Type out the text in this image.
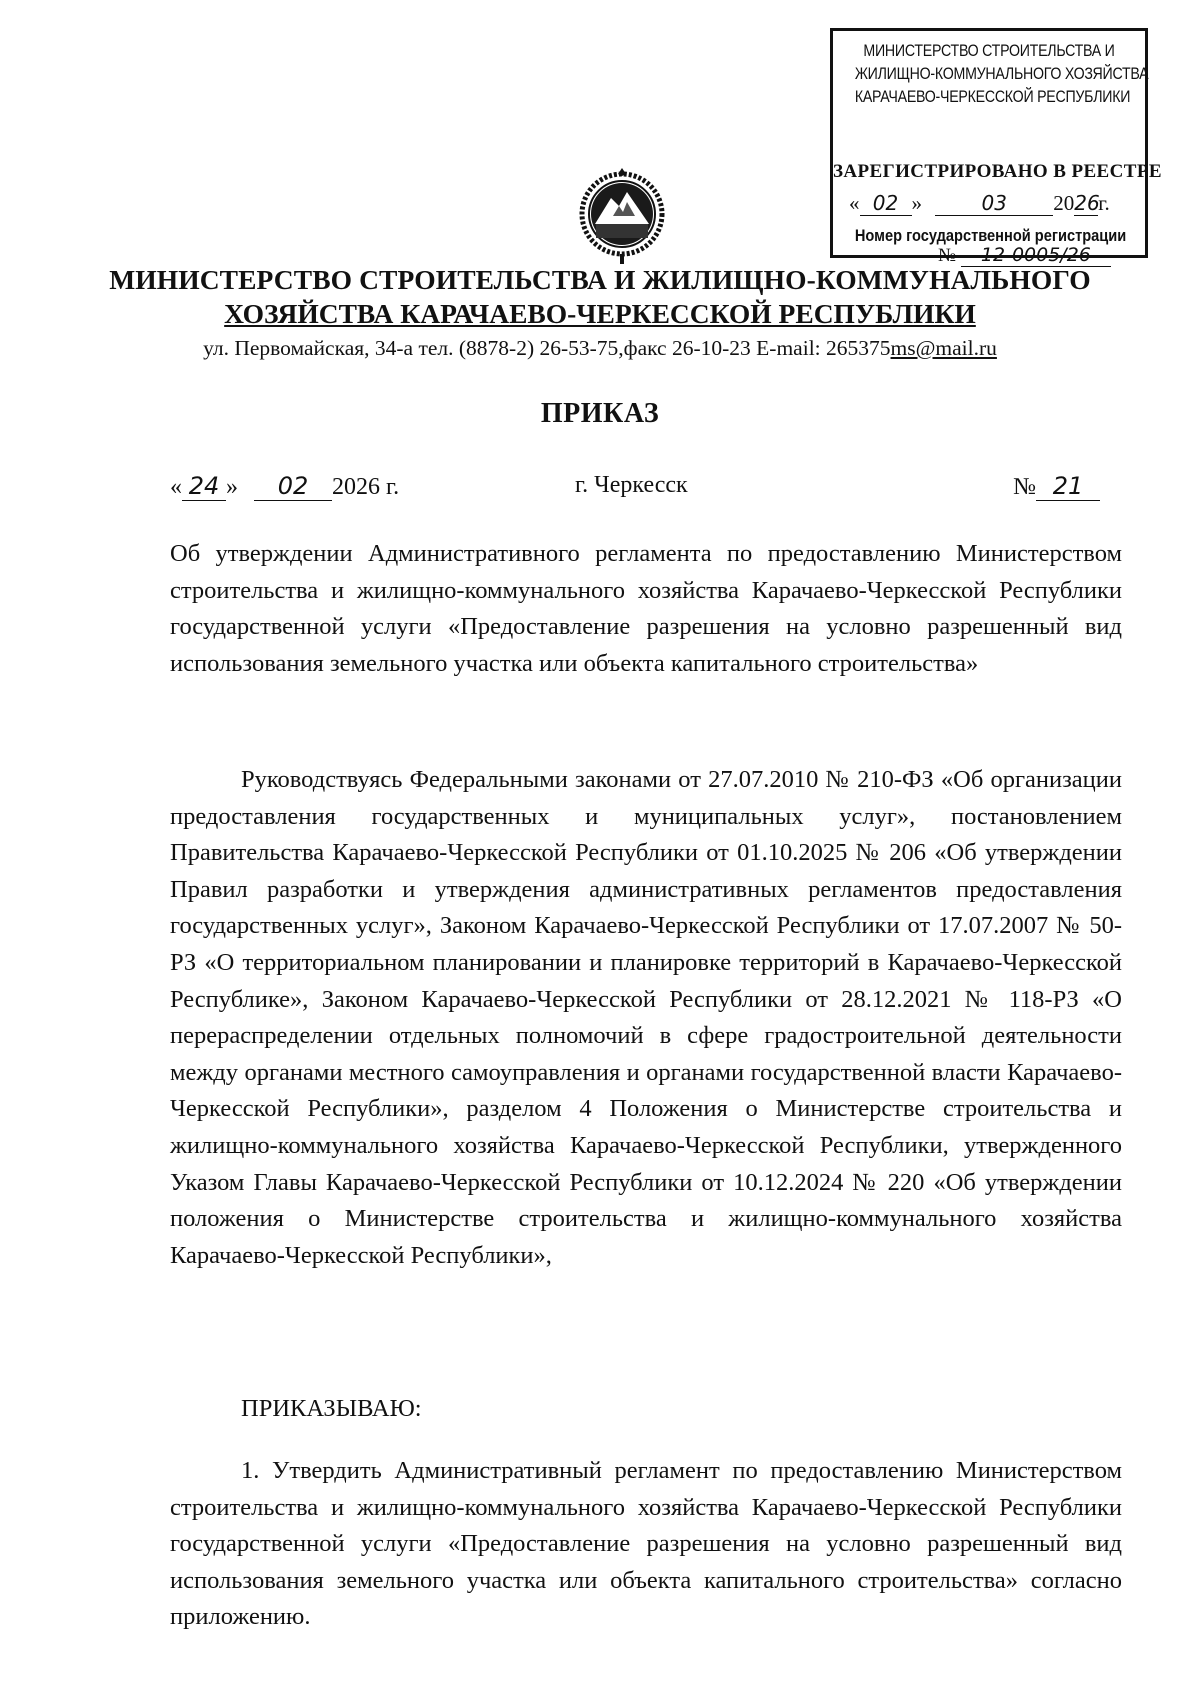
МИНИСТЕРСТВО СТРОИТЕЛЬСТВА И
ЖИЛИЩНО-КОММУНАЛЬНОГО ХОЗЯЙСТВА
КАРАЧАЕВО-ЧЕРКЕССКОЙ РЕСПУБЛИКИ
ЗАРЕГИСТРИРОВАНО В РЕЕСТРЕ
« 02 »	03 2026г.
Номер государственной регистрации
№ 12-0005/26
МИНИСТЕРСТВО СТРОИТЕЛЬСТВА И ЖИЛИЩНО-КОММУНАЛЬНОГО
ХОЗЯЙСТВА КАРАЧАЕВО-ЧЕРКЕССКОЙ РЕСПУБЛИКИ
ул. Первомайская, 34-а тел. (8878-2) 26-53-75,факс 26-10-23 E-mail: 265375ms@mail.ru
ПРИКАЗ
« 24 » 02 2026 г.	г. Черкесск	№ 21
Об утверждении Административного регламента по предоставлению Министерством строительства и жилищно-коммунального хозяйства Карачаево-Черкесской Республики государственной услуги «Предоставление разрешения на условно разрешенный вид использования земельного участка или объекта капитального строительства»
Руководствуясь Федеральными законами от 27.07.2010 № 210-ФЗ «Об организации предоставления государственных и муниципальных услуг», постановлением Правительства Карачаево-Черкесской Республики от 01.10.2025 № 206 «Об утверждении Правил разработки и утверждения административных регламентов предоставления государственных услуг», Законом Карачаево-Черкесской Республики от 17.07.2007 № 50-РЗ «О территориальном планировании и планировке территорий в Карачаево-Черкесской Республике», Законом Карачаево-Черкесской Республики от 28.12.2021 № 118-РЗ «О перераспределении отдельных полномочий в сфере градостроительной деятельности между органами местного самоуправления и органами государственной власти Карачаево-Черкесской Республики», разделом 4 Положения о Министерстве строительства и жилищно-коммунального хозяйства Карачаево-Черкесской Республики, утвержденного Указом Главы Карачаево-Черкесской Республики от 10.12.2024 № 220 «Об утверждении положения о Министерстве строительства и жилищно-коммунального хозяйства Карачаево-Черкесской Республики»,
ПРИКАЗЫВАЮ:
1. Утвердить Административный регламент по предоставлению Министерством строительства и жилищно-коммунального хозяйства Карачаево-Черкесской Республики государственной услуги «Предоставление разрешения на условно разрешенный вид использования земельного участка или объекта капитального строительства» согласно приложению.
